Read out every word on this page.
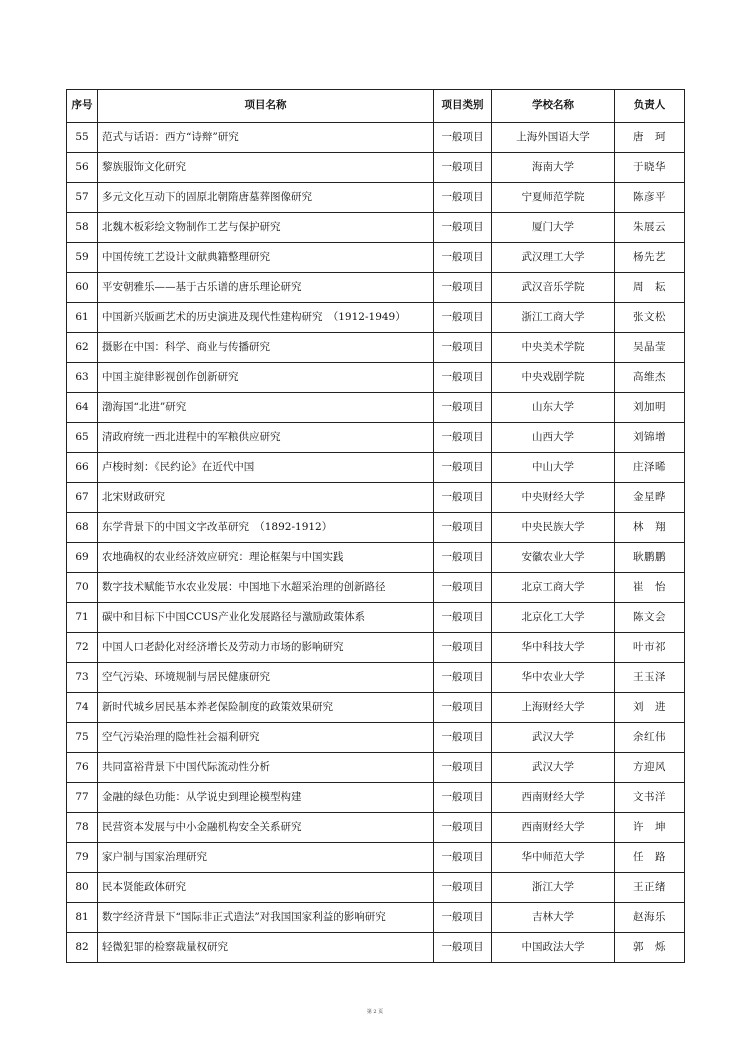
序号	项目名称	项目类别	学校名称	负责人
55	范式与话语：西方“诗辩”研究	一般项目	上海外国语大学	唐　珂
56	黎族服饰文化研究	一般项目	海南大学	于晓华
57	多元文化互动下的固原北朝隋唐墓葬图像研究	一般项目	宁夏师范学院	陈彦平
58	北魏木板彩绘文物制作工艺与保护研究	一般项目	厦门大学	朱展云
59	中国传统工艺设计文献典籍整理研究	一般项目	武汉理工大学	杨先艺
60	平安朝雅乐——基于古乐谱的唐乐理论研究	一般项目	武汉音乐学院	周　耘
61	中国新兴版画艺术的历史演进及现代性建构研究　（1912-1949）	一般项目	浙江工商大学	张文松
62	摄影在中国：科学、商业与传播研究	一般项目	中央美术学院	吴晶莹
63	中国主旋律影视创作创新研究	一般项目	中央戏剧学院	高维杰
64	渤海国“北进”研究	一般项目	山东大学	刘加明
65	清政府统一西北进程中的军粮供应研究	一般项目	山西大学	刘锦增
66	卢梭时刻：《民约论》在近代中国	一般项目	中山大学	庄泽晞
67	北宋财政研究	一般项目	中央财经大学	金星晔
68	东学背景下的中国文字改革研究　（1892-1912）	一般项目	中央民族大学	林　翔
69	农地确权的农业经济效应研究：理论框架与中国实践	一般项目	安徽农业大学	耿鹏鹏
70	数字技术赋能节水农业发展：中国地下水超采治理的创新路径	一般项目	北京工商大学	崔　怡
71	碳中和目标下中国CCUS产业化发展路径与激励政策体系	一般项目	北京化工大学	陈文会
72	中国人口老龄化对经济增长及劳动力市场的影响研究	一般项目	华中科技大学	叶市祁
73	空气污染、环境规制与居民健康研究	一般项目	华中农业大学	王玉泽
74	新时代城乡居民基本养老保险制度的政策效果研究	一般项目	上海财经大学	刘　进
75	空气污染治理的隐性社会福利研究	一般项目	武汉大学	余红伟
76	共同富裕背景下中国代际流动性分析	一般项目	武汉大学	方迎风
77	金融的绿色功能：从学说史到理论模型构建	一般项目	西南财经大学	文书洋
78	民营资本发展与中小金融机构安全关系研究	一般项目	西南财经大学	许　坤
79	家户制与国家治理研究	一般项目	华中师范大学	任　路
80	民本贤能政体研究	一般项目	浙江大学	王正绪
81	数字经济背景下“国际非正式造法”对我国国家利益的影响研究	一般项目	吉林大学	赵海乐
82	轻微犯罪的检察裁量权研究	一般项目	中国政法大学	郭　烁
第 2 页
